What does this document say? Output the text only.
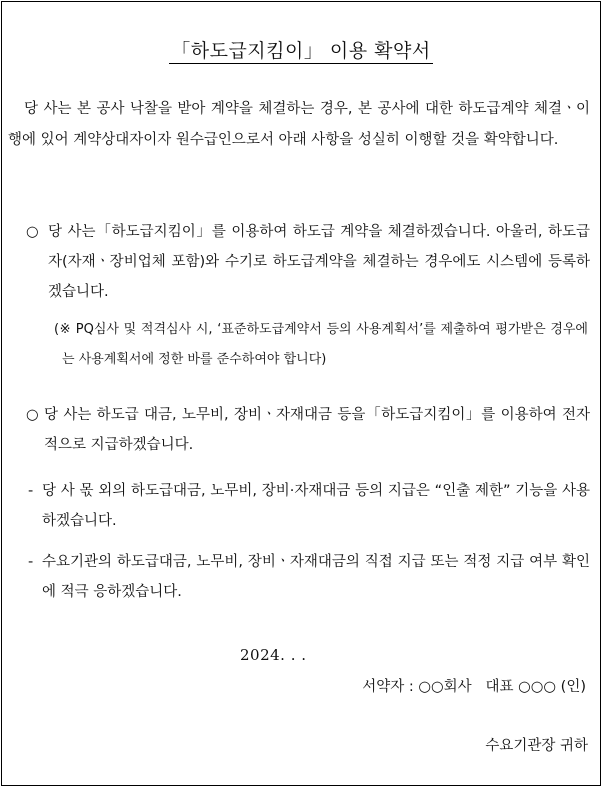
「하도급지킴이」 이용 확약서
당 사는 본 공사 낙찰을 받아 계약을 체결하는 경우, 본 공사에 대한 하도급계약 체결ㆍ이행에 있어 계약상대자이자 원수급인으로서 아래 사항을 성실히 이행할 것을 확약합니다.
○ 당 사는「하도급지킴이」를 이용하여 하도급 계약을 체결하겠습니다. 아울러, 하도급자(자재ㆍ장비업체 포함)와 수기로 하도급계약을 체결하는 경우에도 시스템에 등록하겠습니다.
(※ PQ심사 및 적격심사 시, ‘표준하도급계약서 등의 사용계획서’를 제출하여 평가받은 경우에는 사용계획서에 정한 바를 준수하여야 합니다)
○ 당 사는 하도급 대금, 노무비, 장비ㆍ자재대금 등을「하도급지킴이」를 이용하여 전자적으로 지급하겠습니다.
- 당 사 몫 외의 하도급대금, 노무비, 장비·자재대금 등의 지급은 “인출 제한” 기능을 사용하겠습니다.
- 수요기관의 하도급대금, 노무비, 장비ㆍ자재대금의 직접 지급 또는 적정 지급 여부 확인에 적극 응하겠습니다.
2024. . .
서약자 : ○○회사   대표 ○○○ (인)
수요기관장 귀하
